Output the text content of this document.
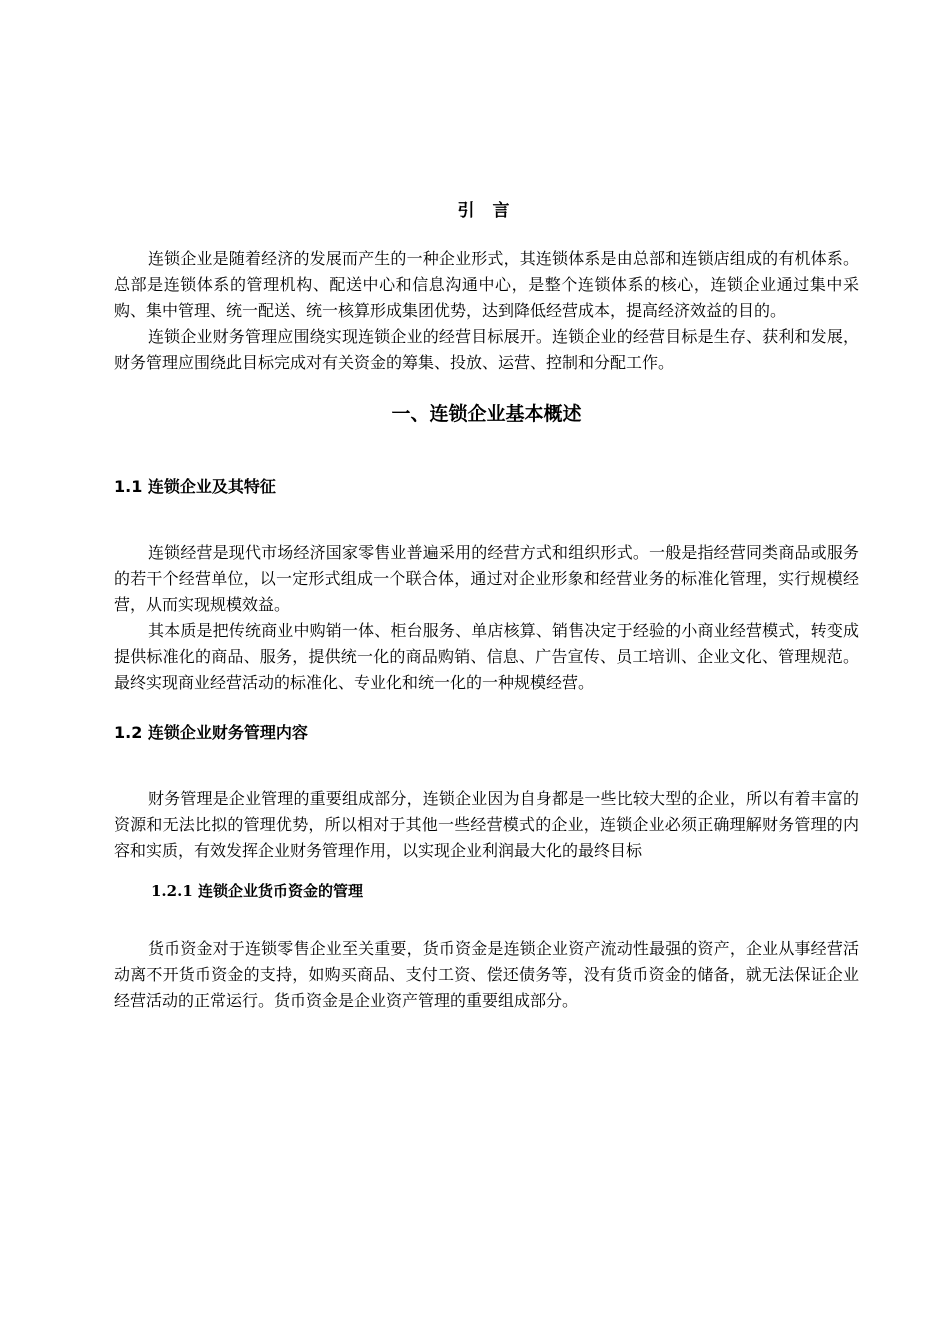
引 言

连锁企业是随着经济的发展而产生的一种企业形式，其连锁体系是由总部和连锁店组成的有机体系。总部是连锁体系的管理机构、配送中心和信息沟通中心，是整个连锁体系的核心，连锁企业通过集中采购、集中管理、统一配送、统一核算形成集团优势，达到降低经营成本，提高经济效益的目的。

连锁企业财务管理应围绕实现连锁企业的经营目标展开。连锁企业的经营目标是生存、获利和发展，财务管理应围绕此目标完成对有关资金的筹集、投放、运营、控制和分配工作。

一、连锁企业基本概述
1.1 连锁企业及其特征

连锁经营是现代市场经济国家零售业普遍采用的经营方式和组织形式。一般是指经营同类商品或服务的若干个经营单位，以一定形式组成一个联合体，通过对企业形象和经营业务的标准化管理，实行规模经营，从而实现规模效益。

其本质是把传统商业中购销一体、柜台服务、单店核算、销售决定于经验的小商业经营模式，转变成提供标准化的商品、服务，提供统一化的商品购销、信息、广告宣传、员工培训、企业文化、管理规范。最终实现商业经营活动的标准化、专业化和统一化的一种规模经营。

1.2 连锁企业财务管理内容

财务管理是企业管理的重要组成部分，连锁企业因为自身都是一些比较大型的企业，所以有着丰富的资源和无法比拟的管理优势，所以相对于其他一些经营模式的企业，连锁企业必须正确理解财务管理的内容和实质，有效发挥企业财务管理作用，以实现企业利润最大化的最终目标

1.2.1 连锁企业货币资金的管理

货币资金对于连锁零售企业至关重要，货币资金是连锁企业资产流动性最强的资产，企业从事经营活动离不开货币资金的支持，如购买商品、支付工资、偿还债务等，没有货币资金的储备，就无法保证企业经营活动的正常运行。货币资金是企业资产管理的重要组成部分。
